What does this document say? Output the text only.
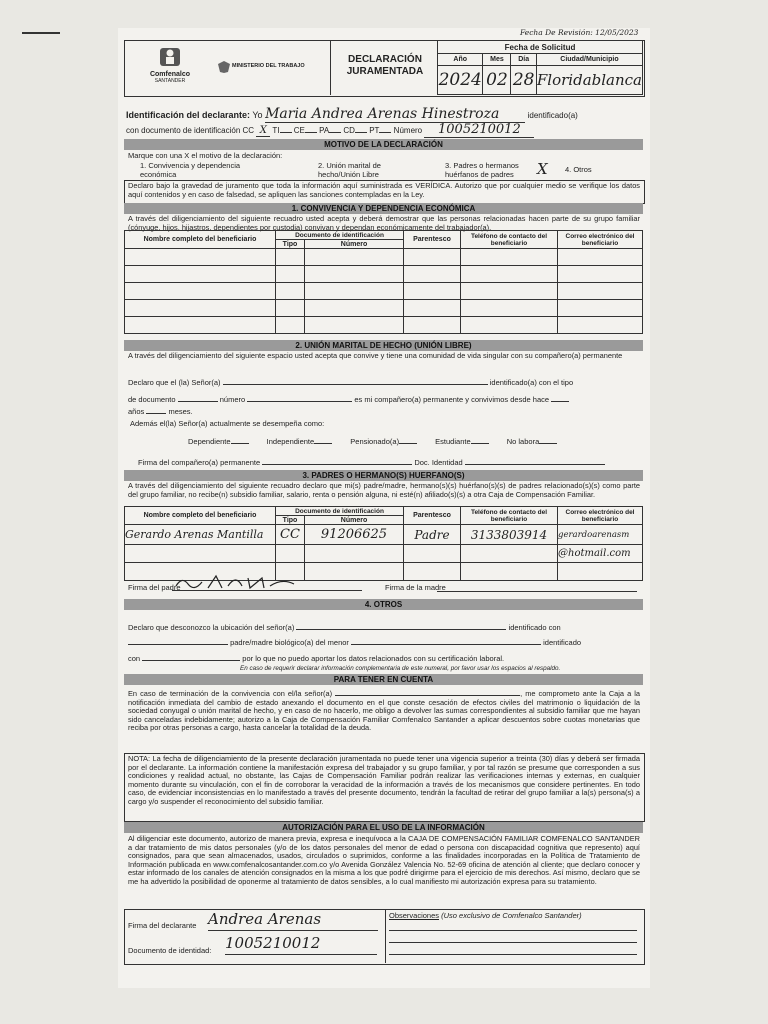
Fecha De Revisión: 12/05/2023
Comfenalco
SANTANDER
MINISTERIO DEL TRABAJO
DECLARACIÓN JURAMENTADA
Fecha de Solicitud			
Año	Mes	Día	Ciudad/Municipio
2024	02	28	Floridablanca
Identificación del declarante: Yo Maria Andrea Arenas Hinestroza	identificado(a)
con documento de identificación CC X TI CE PA CD PT Número 1005210012
MOTIVO DE LA DECLARACIÓN
Marque con una X el motivo de la declaración:
1. Convivencia y dependencia económica
2. Unión marital de hecho/Unión Libre
3. Padres o hermanos huérfanos de padres	X 4. Otros
Declaro bajo la gravedad de juramento que toda la información aquí suministrada es VERÍDICA. Autorizo que por cualquier medio se verifique los datos aquí contenidos y en caso de falsedad, se apliquen las sanciones contempladas en la Ley.
1. CONVIVENCIA Y DEPENDENCIA ECONÓMICA
A través del diligenciamiento del siguiente recuadro usted acepta y deberá demostrar que las personas relacionadas hacen parte de su grupo familiar (cónyuge, hijos, hijastros, dependientes por custodia) convivan y dependan económicamente del trabajador(a).
Nombre completo del beneficiario	Documento de identificación		Parentesco	Teléfono de contacto del beneficiario	Correo electrónico del beneficiario
	Tipo	Número			

2. UNIÓN MARITAL DE HECHO (UNIÓN LIBRE)
A través del diligenciamiento del siguiente espacio usted acepta que convive y tiene una comunidad de vida singular con su compañero(a) permanente
Declaro que el (la) Señor(a)	identificado(a) con el tipo
de documento	número	es mi compañero(a) permanente y convivimos desde hace
años	meses.
Además el(la) Señor(a) actualmente se desempeña como:
Dependiente	Independiente	Pensionado(a)	Estudiante	No labora
Firma del compañero(a) permanente	Doc. Identidad
3. PADRES O HERMANO(S) HUERFANO(S)
A través del diligenciamiento del siguiente recuadro declaro que mi(s) padre/madre, hermano(s)(s) huérfano(s)(s) de padres relacionado(s)(s) como parte del grupo familiar, no recibe(n) subsidio familiar, salario, renta o pensión alguna, ni esté(n) afiliado(s)(s) a otra Caja de Compensación Familiar.
Nombre completo del beneficiario	Documento de identificación		Parentesco	Teléfono de contacto del beneficiario	Correo electrónico del beneficiario
	Tipo	Número			
Gerardo Arenas Mantilla	CC	91206625	Padre	3133803914	gerardoarenasm
					@hotmail.com

Firma del padre	Firma de la madre
4. OTROS
Declaro que desconozco la ubicación del señor(a)	identificado con
padre/madre biológico(a) del menor	identificado
con	por lo que no puedo aportar los datos relacionados con su certificación laboral.
En caso de requerir declarar información complementaria de este numeral, por favor usar los espacios al respaldo.
PARA TENER EN CUENTA
En caso de terminación de la convivencia con el/la señor(a)	, me comprometo ante la Caja a la notificación inmediata del cambio de estado anexando el documento en el que conste cesación de efectos civiles del matrimonio o liquidación de la sociedad conyugal o unión marital de hecho, y en caso de no hacerlo, me obligo a devolver las sumas correspondientes al subsidio familiar que me hayan sido canceladas indebidamente; autorizo a la Caja de Compensación Familiar Comfenalco Santander a aplicar descuentos sobre cuotas monetarias que reciba por otras personas a cargo, hasta cancelar la totalidad de la deuda.
NOTA: La fecha de diligenciamiento de la presente declaración juramentada no puede tener una vigencia superior a treinta (30) días y deberá ser firmada por el declarante. La información contiene la manifestación expresa del trabajador y su grupo familiar, y por tal razón se presume que corresponden a sus condiciones y realidad actual, no obstante, las Cajas de Compensación Familiar podrán realizar las verificaciones internas y externas, en cualquier momento durante su vinculación, con el fin de corroborar la veracidad de la información a través de los mecanismos que considere pertinentes. En todo caso, de evidenciar inconsistencias en lo manifestado a través del presente documento, tendrán la facultad de retirar del grupo familiar a la(s) persona(s) a cargo y/o suspender el reconocimiento del subsidio familiar.
AUTORIZACIÓN PARA EL USO DE LA INFORMACIÓN
Al diligenciar este documento, autorizo de manera previa, expresa e inequívoca a la CAJA DE COMPENSACIÓN FAMILIAR COMFENALCO SANTANDER a dar tratamiento de mis datos personales (y/o de los datos personales del menor de edad o persona con discapacidad cognitiva que represento) aquí consignados, para que sean almacenados, usados, circulados o suprimidos, conforme a las finalidades incorporadas en la Política de Tratamiento de Información publicada en www.comfenalcosantander.com.co y/o Avenida González Valencia No. 52-69 oficina de atención al cliente; que declaro conocer y estar informado de los canales de atención consignados en la misma a los que podré dirigirme para el ejercicio de mis derechos. Así mismo, declaro que se me ha advertido la posibilidad de oponerme al tratamiento de datos sensibles, a lo cual manifiesto mi autorización expresa para su tratamiento.
Firma del declarante Andrea Arenas
Documento de identidad: 1005210012
Observaciones (Uso exclusivo de Comfenalco Santander)
